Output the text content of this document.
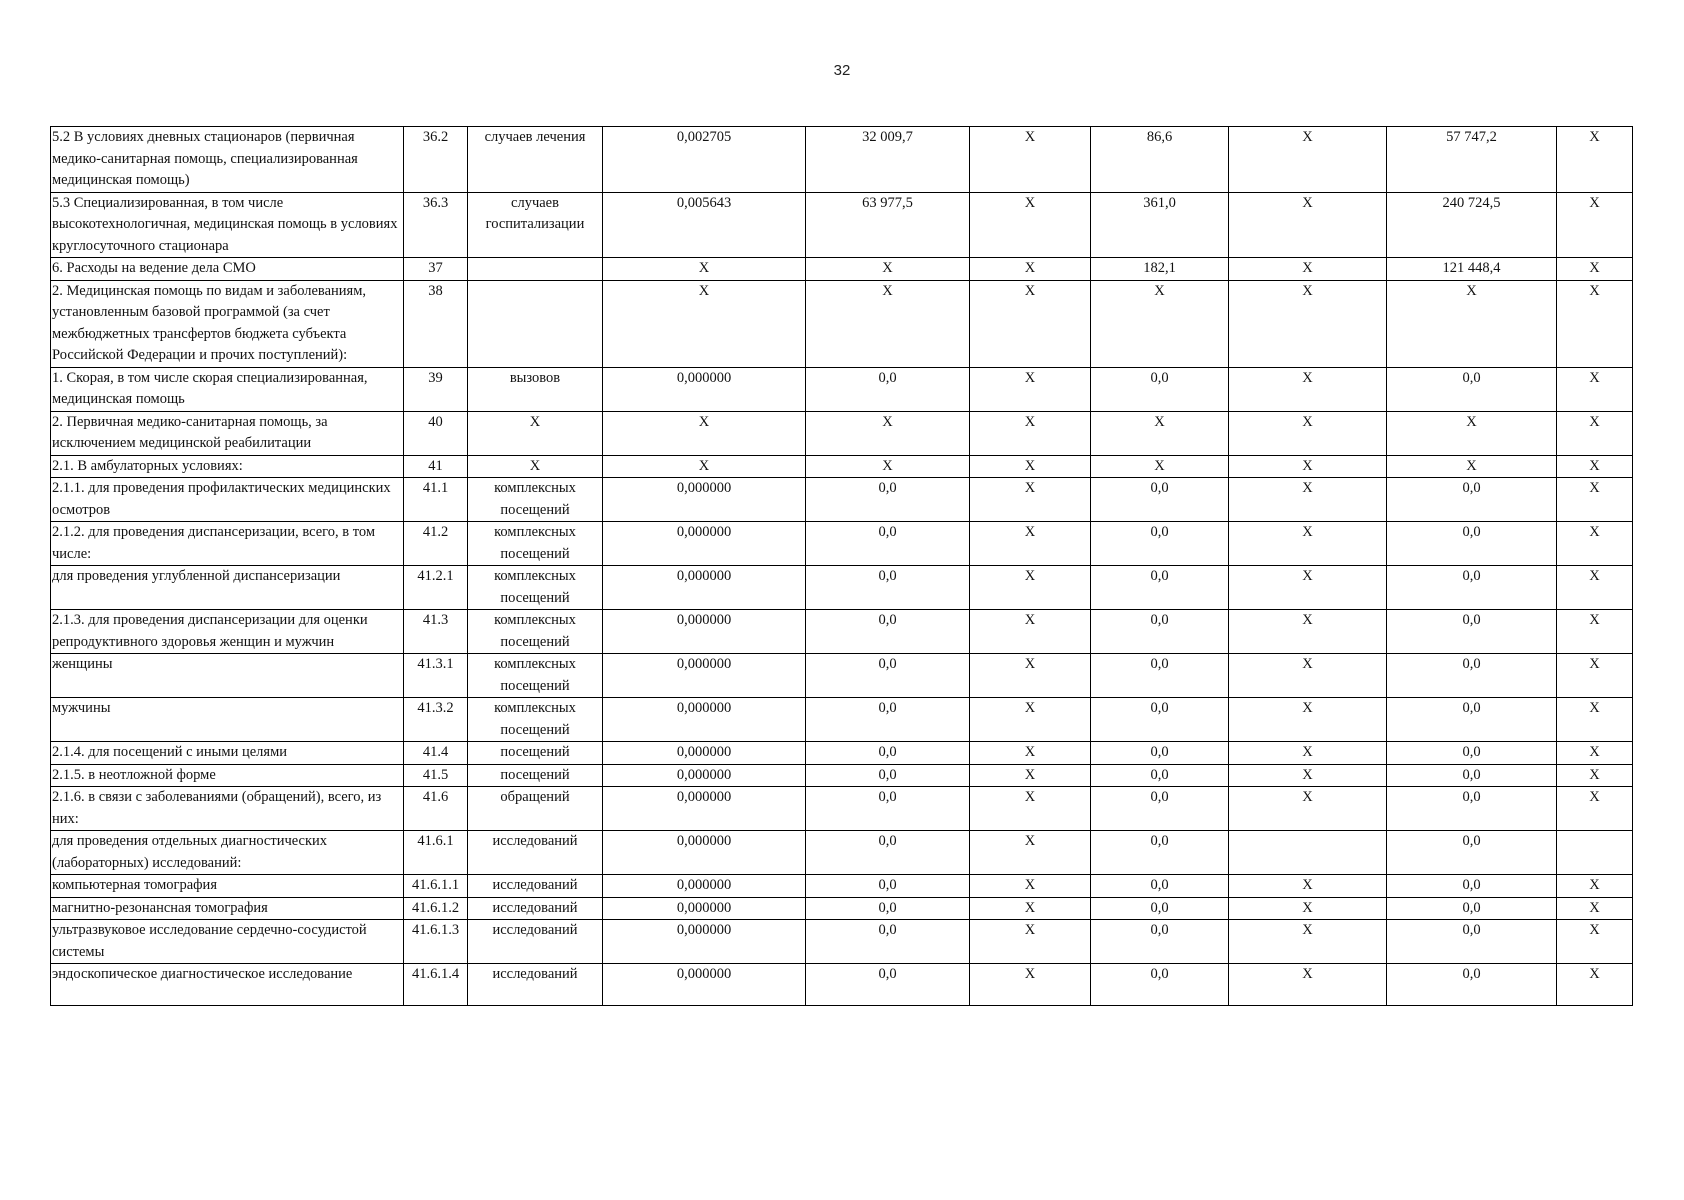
32
5.2 В условиях дневных стационаров (первичная медико-санитарная помощь, специализированная медицинская помощь)	36.2	случаев лечения	0,002705	32 009,7	X	86,6	X	57 747,2	X
5.3 Специализированная, в том числе высокотехнологичная, медицинская помощь в условиях круглосуточного стационара	36.3	случаев госпитализации	0,005643	63 977,5	X	361,0	X	240 724,5	X
6. Расходы на ведение дела СМО	37		X	X	X	182,1	X	121 448,4	X
2. Медицинская помощь по видам и заболеваниям, установленным базовой программой (за счет межбюджетных трансфертов бюджета субъекта Российской Федерации и прочих поступлений):	38		X	X	X	X	X	X	X
1. Скорая, в том числе скорая специализированная, медицинская помощь	39	вызовов	0,000000	0,0	X	0,0	X	0,0	X
2. Первичная медико-санитарная помощь, за исключением медицинской реабилитации	40	X	X	X	X	X	X	X	X
2.1. В амбулаторных условиях:	41	X	X	X	X	X	X	X	X
2.1.1. для проведения профилактических медицинских осмотров	41.1	комплексных посещений	0,000000	0,0	X	0,0	X	0,0	X
2.1.2. для проведения диспансеризации, всего, в том числе:	41.2	комплексных посещений	0,000000	0,0	X	0,0	X	0,0	X
для проведения углубленной диспансеризации	41.2.1	комплексных посещений	0,000000	0,0	X	0,0	X	0,0	X
2.1.3. для проведения диспансеризации для оценки репродуктивного здоровья женщин и мужчин	41.3	комплексных посещений	0,000000	0,0	X	0,0	X	0,0	X
женщины	41.3.1	комплексных посещений	0,000000	0,0	X	0,0	X	0,0	X
мужчины	41.3.2	комплексных посещений	0,000000	0,0	X	0,0	X	0,0	X
2.1.4. для посещений с иными целями	41.4	посещений	0,000000	0,0	X	0,0	X	0,0	X
2.1.5. в неотложной форме	41.5	посещений	0,000000	0,0	X	0,0	X	0,0	X
2.1.6. в связи с заболеваниями (обращений), всего, из них:	41.6	обращений	0,000000	0,0	X	0,0	X	0,0	X
для проведения отдельных диагностических (лабораторных) исследований:	41.6.1	исследований	0,000000	0,0	X	0,0		0,0	
компьютерная томография	41.6.1.1	исследований	0,000000	0,0	X	0,0	X	0,0	X
магнитно-резонансная томография	41.6.1.2	исследований	0,000000	0,0	X	0,0	X	0,0	X
ультразвуковое исследование сердечно-сосудистой системы	41.6.1.3	исследований	0,000000	0,0	X	0,0	X	0,0	X
эндоскопическое диагностическое исследование	41.6.1.4	исследований	0,000000	0,0	X	0,0	X	0,0	X
